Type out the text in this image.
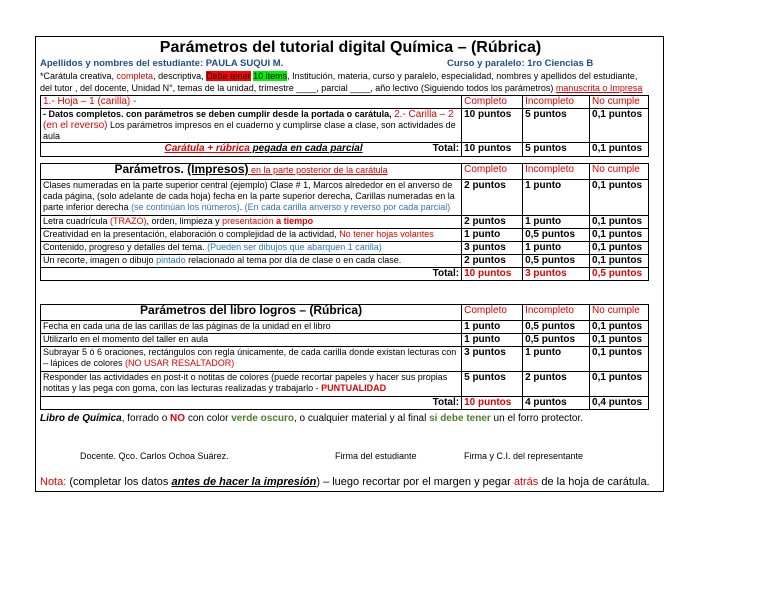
Parámetros del tutorial digital Química – (Rúbrica)
Apellidos y nombres del estudiante: PAULA SUQUI M.	Curso y paralelo: 1ro Ciencias B
*Carátula creativa, completa, descriptiva, Debe tener 10 items, Institución, materia, curso y paralelo, especialidad, nombres y apellidos del estudiante,
del tutor , del docente, Unidad N°, temas de la unidad, trimestre ____, parcial ____, año lectivo (Siguiendo todos los parámetros) manuscrita o Impresa
1.- Hoja – 1 (carilla) -	Completo	Incompleto	No cumple
- Datos completos. con parámetros se deben cumplir desde la portada o carátula, 2.- Carilla – 2 (en el reverso) Los parámetros impresos en el cuaderno y cumplirse clase a clase, son actividades de aula	10 puntos	5 puntos	0,1 puntos
Carátula + rúbrica pegada en cada parcial Total:	10 puntos	5 puntos	0,1 puntos
Parámetros. (Impresos) en la parte posterior de la carátula	Completo	Incompleto	No cumple
Clases numeradas en la parte superior central (ejemplo) Clase # 1, Marcos alrededor en el anverso de cada página, (solo adelante de cada hoja) fecha en la parte superior derecha, Carillas numeradas en la parte inferior derecha (se continúan los números). (En cada carilla anverso y reverso por cada parcial)	2 puntos	1 punto	0,1 puntos
Letra cuadrícula (TRAZO), orden, limpieza y presentación a tiempo	2 puntos	1 punto	0,1 puntos
Creatividad en la presentación, elaboración o complejidad de la actividad, No tener hojas volantes	1 punto	0,5 puntos	0,1 puntos
Contenido, progreso y detalles del tema. (Pueden ser dibujos que abarquen 1 carilla)	3 puntos	1 punto	0,1 puntos
Un recorte, imagen o dibujo pintado relacionado al tema por día de clase o en cada clase.	2 puntos	0,5 puntos	0,1 puntos
Total:	10 puntos	3 puntos	0,5 puntos
Parámetros del libro logros – (Rúbrica)	Completo	Incompleto	No cumple
Fecha en cada una de las carillas de las páginas de la unidad en el libro	1 punto	0,5 puntos	0,1 puntos
Utilizarlo en el momento del taller en aula	1 punto	0,5 puntos	0,1 puntos
Subrayar 5 ó 6 oraciones, rectángulos con regla únicamente, de cada carilla donde existan lecturas con – lápices de colores (NO USAR RESALTADOR)	3 puntos	1 punto	0,1 puntos
Responder las actividades en post-it o notitas de colores (puede recortar papeles y hacer sus propias notitas y las pega con goma, con las lecturas realizadas y trabajarlo - PUNTUALIDAD	5 puntos	2 puntos	0,1 puntos
Total:	10 puntos	4 puntos	0,4 puntos
Libro de Química, forrado o NO con color verde oscuro, o cualquier material y al final si debe tener un el forro protector.
Docente. Qco. Carlos Ochoa Suárez.	Firma del estudiante	Firma y C.I. del representante
Nota: (completar los datos antes de hacer la impresión) – luego recortar por el margen y pegar atrás de la hoja de carátula.
